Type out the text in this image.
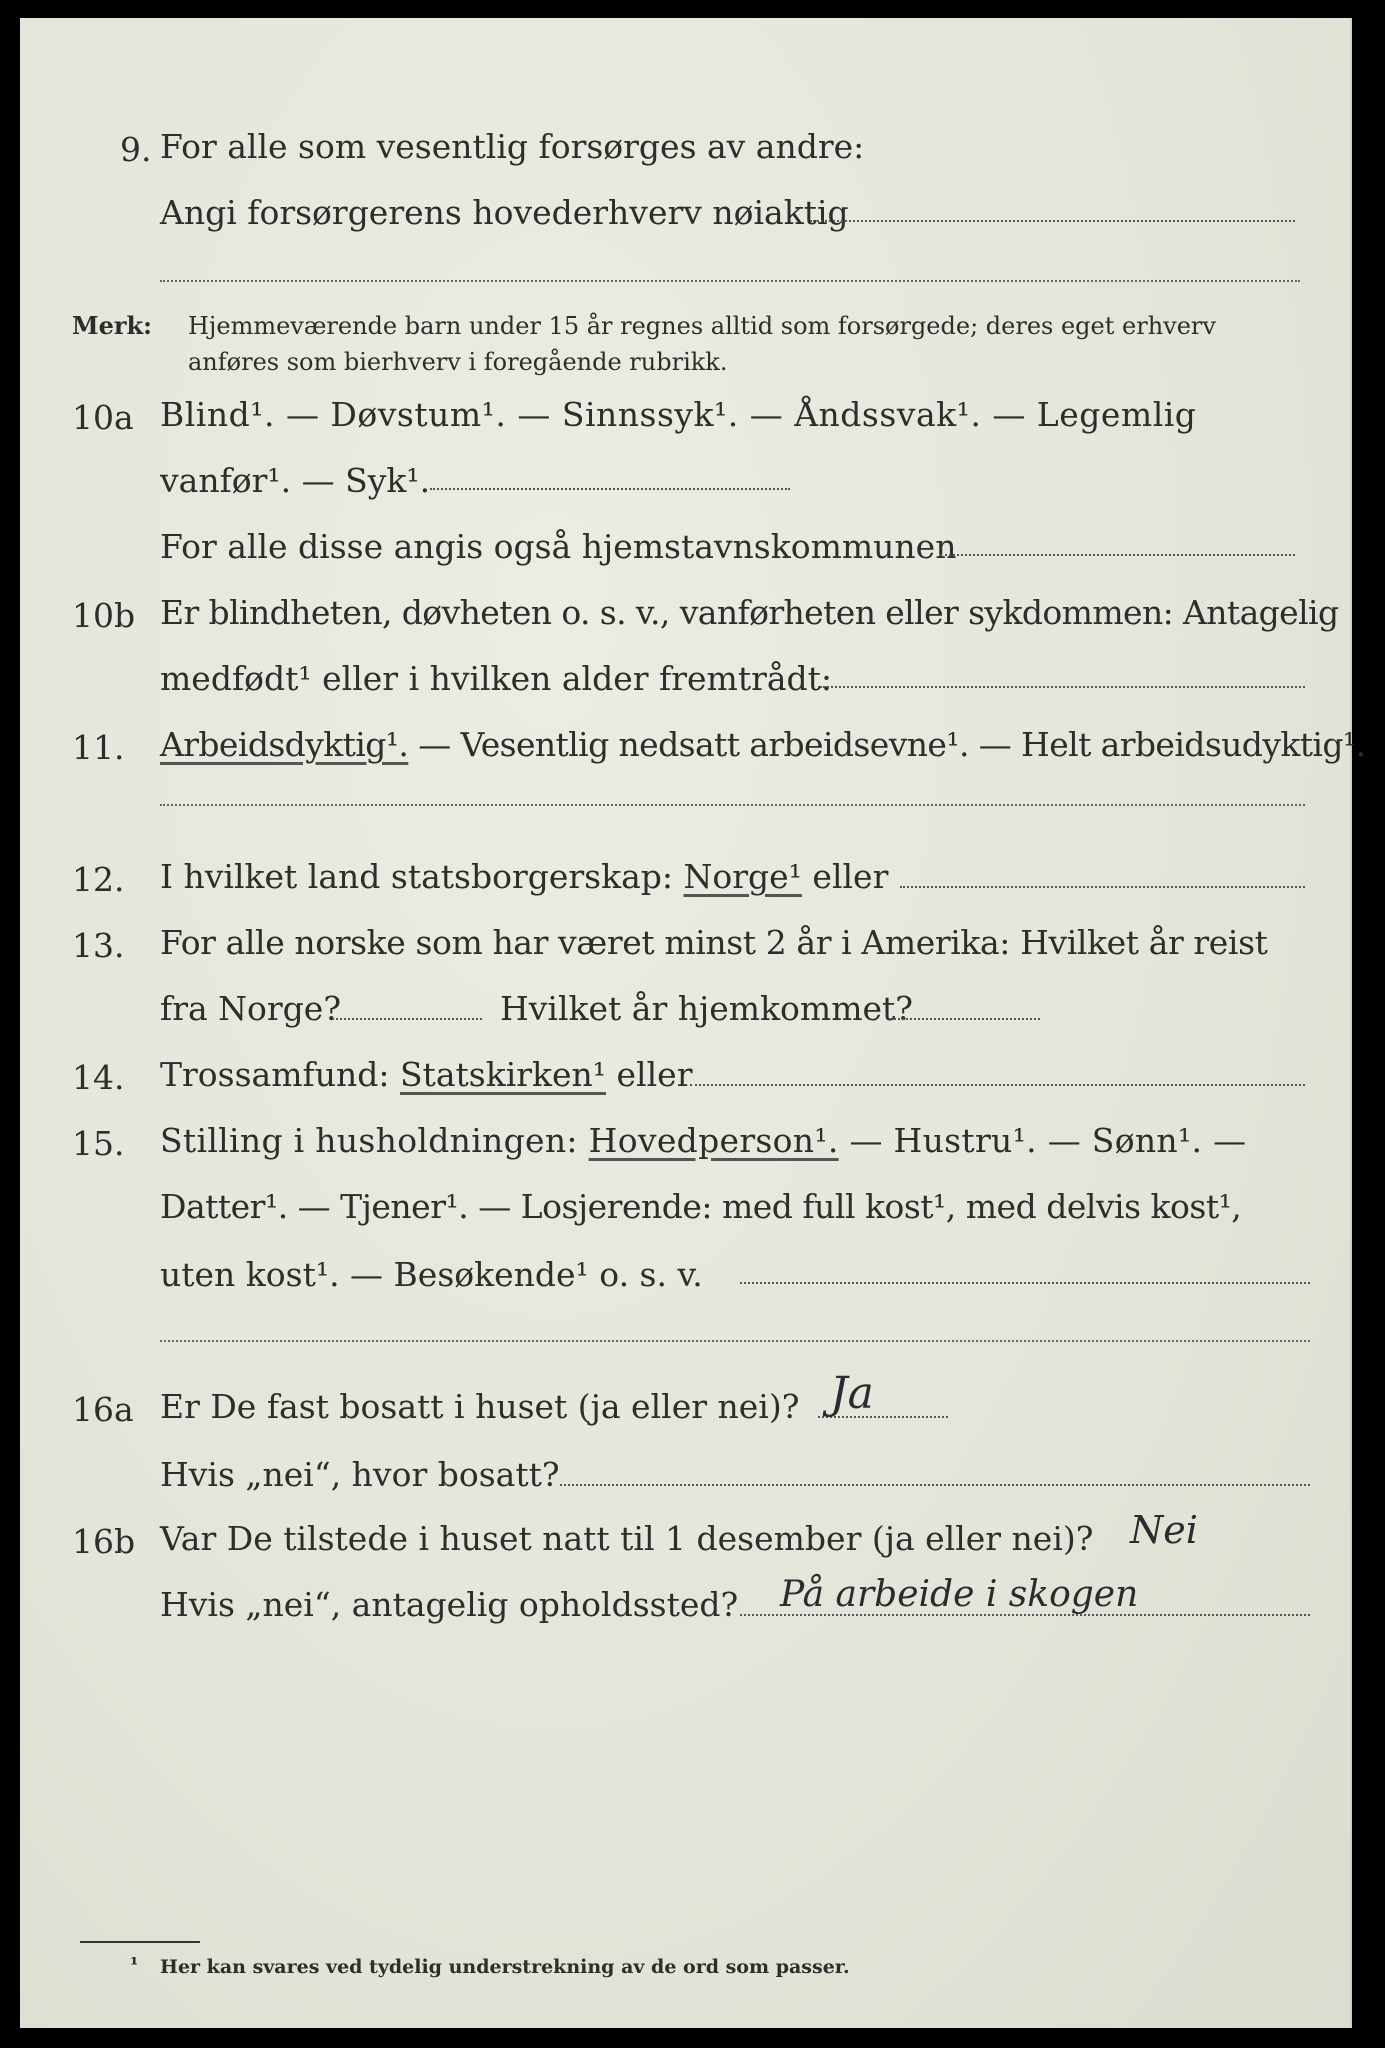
9. For alle som vesentlig forsørges av andre:
Angi forsørgerens hovederhverv nøiaktig
Merk: Hjemmeværende barn under 15 år regnes alltid som forsørgede; deres eget erhverv
anføres som bierhverv i foregående rubrikk.
10a Blind¹. — Døvstum¹. — Sinnssyk¹. — Åndssvak¹. — Legemlig
vanfør¹. — Syk¹.
For alle disse angis også hjemstavnskommunen
10b Er blindheten, døvheten o. s. v., vanførheten eller sykdommen: Antagelig
medfødt¹ eller i hvilken alder fremtrådt:
11. Arbeidsdyktig¹. — Vesentlig nedsatt arbeidsevne¹. — Helt arbeidsudyktig¹.
12. I hvilket land statsborgerskap: Norge¹ eller
13. For alle norske som har været minst 2 år i Amerika: Hvilket år reist
fra Norge?	Hvilket år hjemkommet?
14. Trossamfund: Statskirken¹ eller
15. Stilling i husholdningen: Hovedperson¹. — Hustru¹. — Sønn¹. —
Datter¹. — Tjener¹. — Losjerende: med full kost¹, med delvis kost¹,
uten kost¹. — Besøkende¹ o. s. v.
16a Er De fast bosatt i huset (ja eller nei)? Ja
Hvis „nei“, hvor bosatt?
16b Var De tilstede i huset natt til 1 desember (ja eller nei)? Nei
Hvis „nei“, antagelig opholdssted? På arbeide i skogen
¹ Her kan svares ved tydelig understrekning av de ord som passer.
